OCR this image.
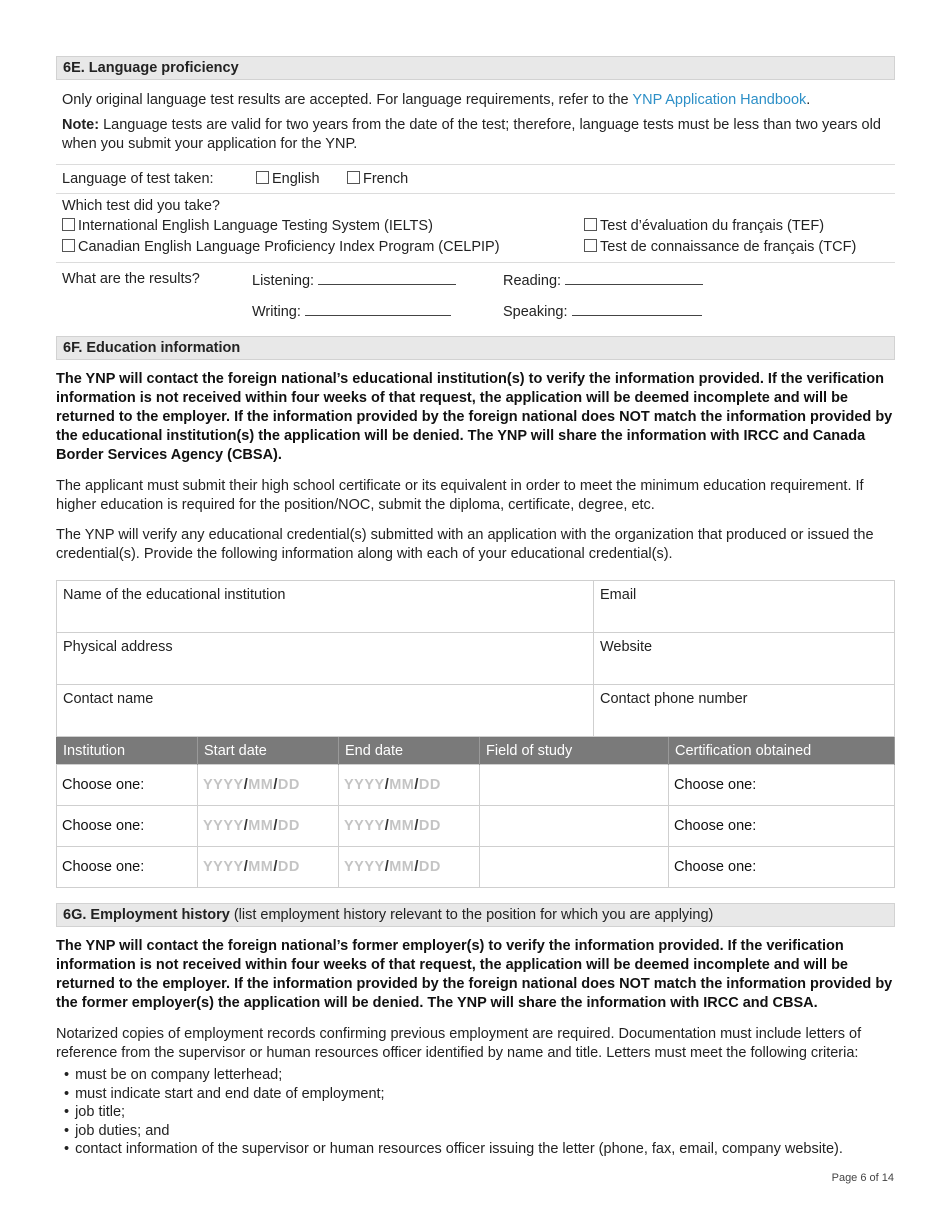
6E. Language proficiency

Only original language test results are accepted. For language requirements, refer to the YNP Application Handbook.

Note: Language tests are valid for two years from the date of the test; therefore, language tests must be less than two years old when you submit your application for the YNP.

Language of test taken:	English	French
Which test did you take?
International English Language Testing System (IELTS)
Canadian English Language Proficiency Index Program (CELPIP)
Test d’évaluation du français (TEF)
Test de connaissance de français (TCF)
What are the results?	Listening:	Reading:
Writing:	Speaking:
6F. Education information

The YNP will contact the foreign national’s educational institution(s) to verify the information provided. If the verification information is not received within four weeks of that request, the application will be deemed incomplete and will be returned to the employer. If the information provided by the foreign national does NOT match the information provided by the educational institution(s) the application will be denied. The YNP will share the information with IRCC and Canada Border Services Agency (CBSA).

The applicant must submit their high school certificate or its equivalent in order to meet the minimum education requirement. If higher education is required for the position/NOC, submit the diploma, certificate, degree, etc.

The YNP will verify any educational credential(s) submitted with an application with the organization that produced or issued the credential(s). Provide the following information along with each of your educational credential(s).

Name of the educational institution	Email
Physical address	Website
Contact name	Contact phone number
Institution	Start date	End date	Field of study	Certification obtained
Choose one:	YYYY/MM/DD	YYYY/MM/DD		Choose one:
Choose one:	YYYY/MM/DD	YYYY/MM/DD		Choose one:
Choose one:	YYYY/MM/DD	YYYY/MM/DD		Choose one:
6G. Employment history (list employment history relevant to the position for which you are applying)

The YNP will contact the foreign national’s former employer(s) to verify the information provided. If the verification information is not received within four weeks of that request, the application will be deemed incomplete and will be returned to the employer. If the information provided by the foreign national does NOT match the information provided by the former employer(s) the application will be denied. The YNP will share the information with IRCC and CBSA.

Notarized copies of employment records confirming previous employment are required. Documentation must include letters of reference from the supervisor or human resources officer identified by name and title. Letters must meet the following criteria:

• must be on company letterhead;
• must indicate start and end date of employment;
• job title;
• job duties; and
• contact information of the supervisor or human resources officer issuing the letter (phone, fax, email, company website).
Page 6 of 14
